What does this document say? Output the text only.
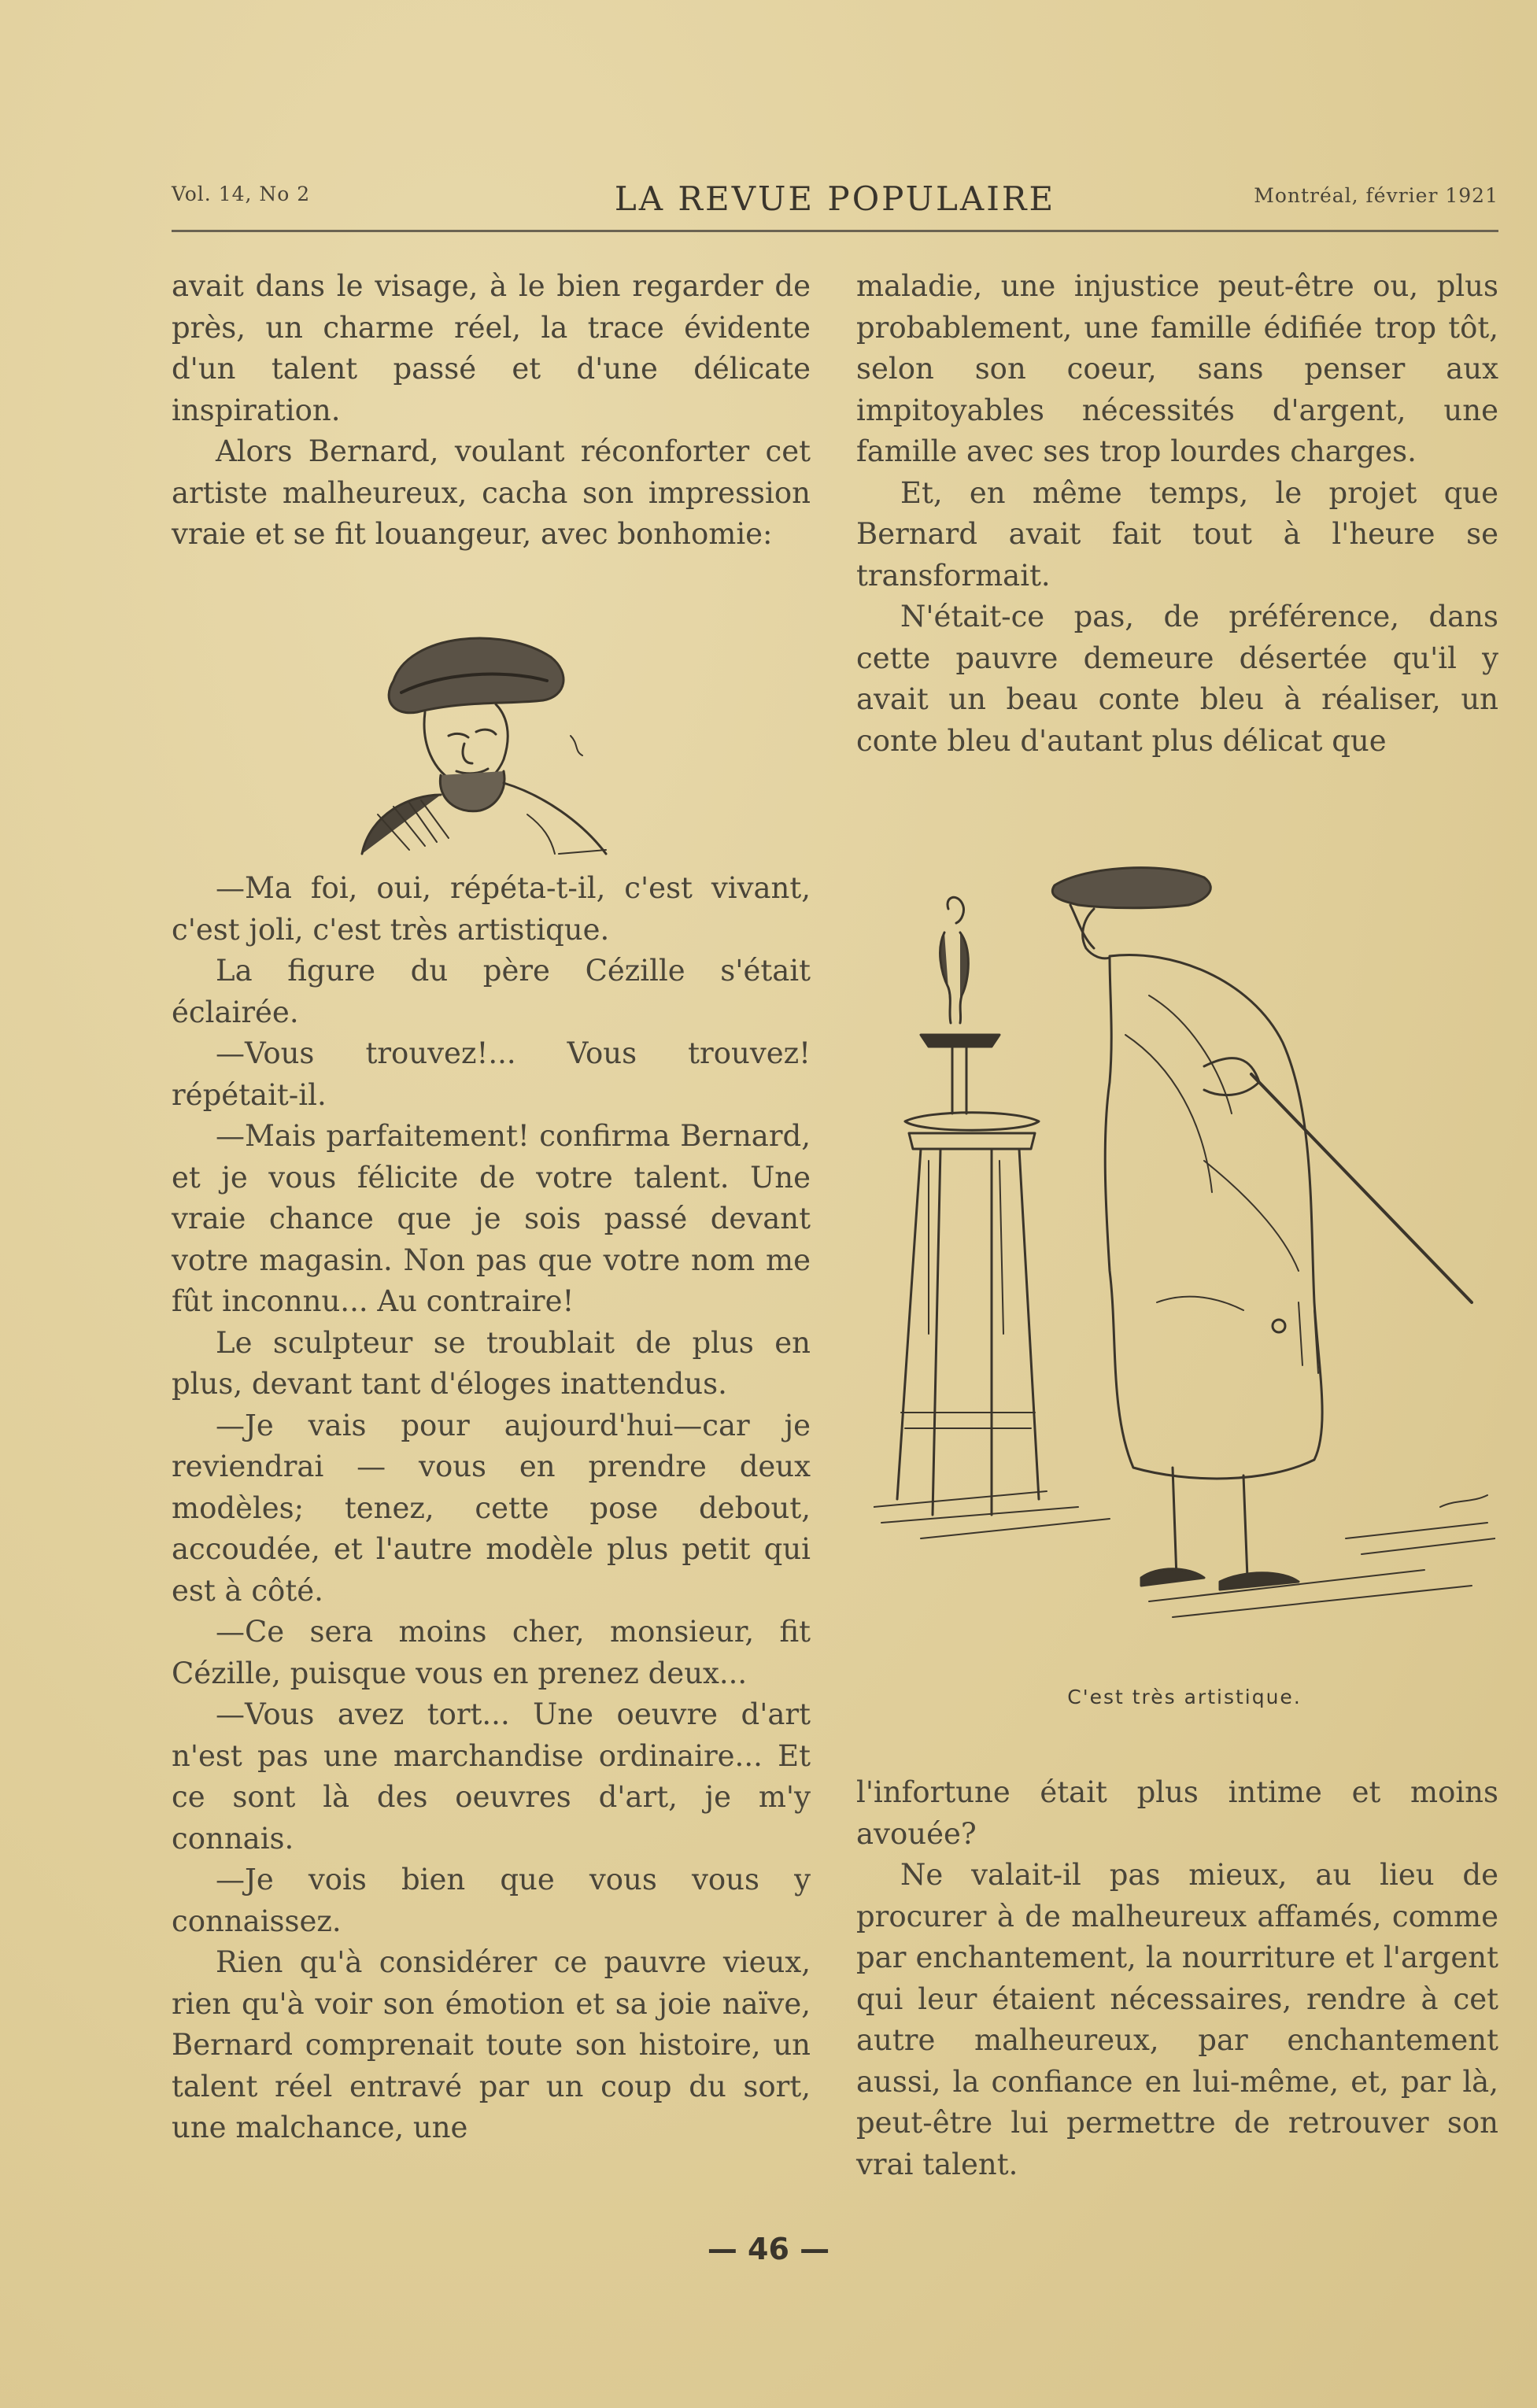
Vol. 14, No 2	LA REVUE POPULAIRE	Montréal, février 1921

avait dans le visage, à le bien regarder de près, un charme réel, la trace évidente d'un talent passé et d'une délicate inspiration.

Alors Bernard, voulant réconforter cet artiste malheureux, cacha son impression vraie et se fit louangeur, avec bonhomie:

—Ma foi, oui, répéta-t-il, c'est vivant, c'est joli, c'est très artistique.

La figure du père Cézille s'était éclairée.

—Vous trouvez!... Vous trouvez! répétait-il.

—Mais parfaitement! confirma Bernard, et je vous félicite de votre talent. Une vraie chance que je sois passé devant votre magasin. Non pas que votre nom me fût inconnu... Au contraire!

Le sculpteur se troublait de plus en plus, devant tant d'éloges inattendus.

—Je vais pour aujourd'hui—car je reviendrai — vous en prendre deux modèles; tenez, cette pose debout, accoudée, et l'autre modèle plus petit qui est à côté.

—Ce sera moins cher, monsieur, fit Cézille, puisque vous en prenez deux...

—Vous avez tort... Une oeuvre d'art n'est pas une marchandise ordinaire... Et ce sont là des oeuvres d'art, je m'y connais.

—Je vois bien que vous vous y connaissez.

Rien qu'à considérer ce pauvre vieux, rien qu'à voir son émotion et sa joie naïve, Bernard comprenait toute son histoire, un talent réel entravé par un coup du sort, une malchance, une

maladie, une injustice peut-être ou, plus probablement, une famille édifiée trop tôt, selon son coeur, sans penser aux impitoyables nécessités d'argent, une famille avec ses trop lourdes charges.

Et, en même temps, le projet que Bernard avait fait tout à l'heure se transformait.

N'était-ce pas, de préférence, dans cette pauvre demeure désertée qu'il y avait un beau conte bleu à réaliser, un conte bleu d'autant plus délicat que

C'est très artistique.

l'infortune était plus intime et moins avouée?

Ne valait-il pas mieux, au lieu de procurer à de malheureux affamés, comme par enchantement, la nourriture et l'argent qui leur étaient nécessaires, rendre à cet autre malheureux, par enchantement aussi, la confiance en lui-même, et, par là, peut-être lui permettre de retrouver son vrai talent.

— 46 —
